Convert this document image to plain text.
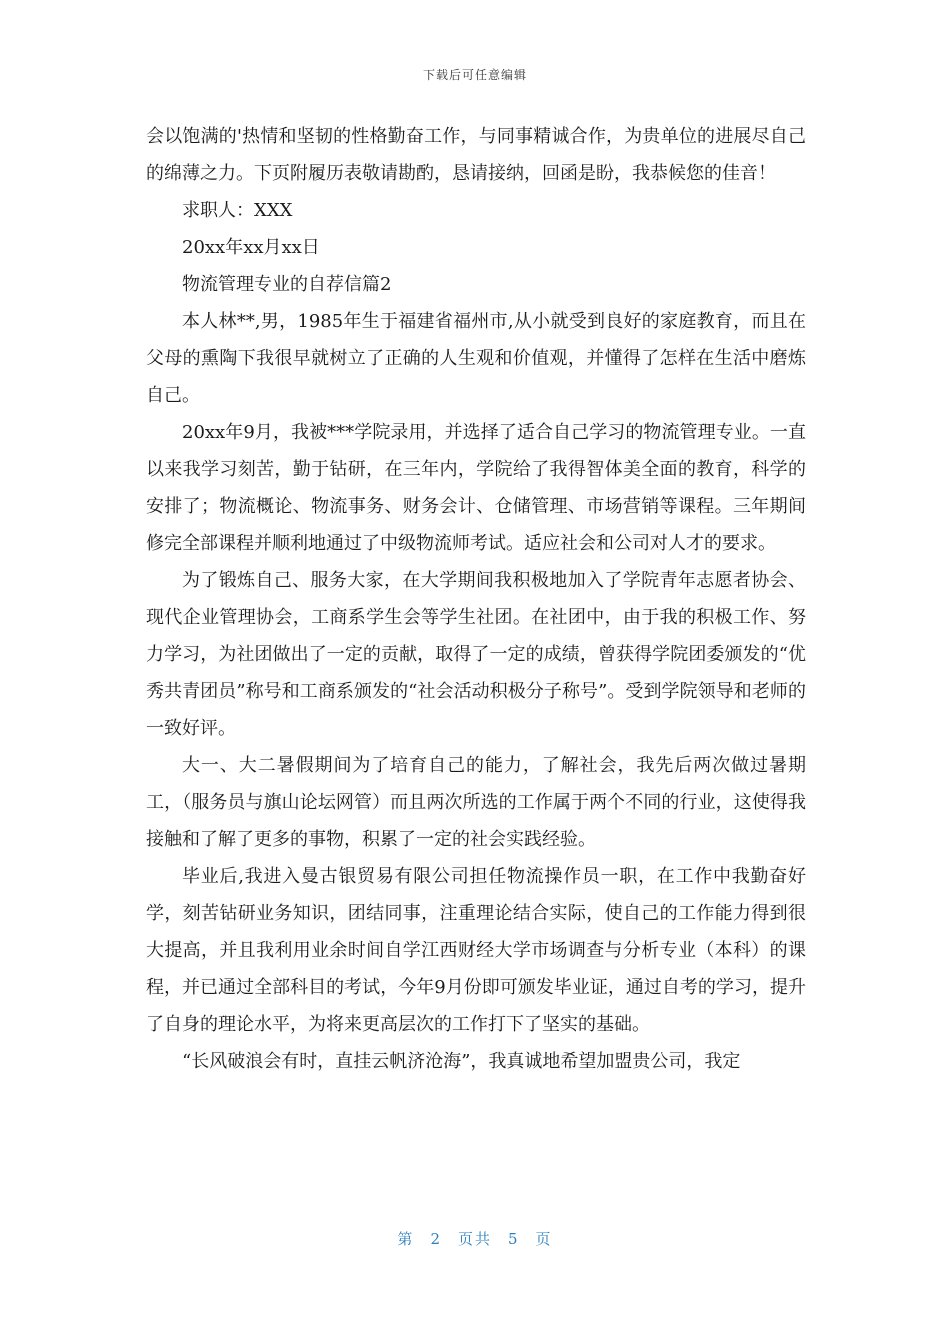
下载后可任意编辑

会以饱满的'热情和坚韧的性格勤奋工作，与同事精诚合作，为贵单位的进展尽自己的绵薄之力。下页附履历表敬请勘酌，恳请接纳，回函是盼，我恭候您的佳音！

求职人：XXX

20xx年xx月xx日

物流管理专业的自荐信篇2

本人林**,男，1985年生于福建省福州市,从小就受到良好的家庭教育，而且在父母的熏陶下我很早就树立了正确的人生观和价值观，并懂得了怎样在生活中磨炼自己。

20xx年9月，我被***学院录用，并选择了适合自己学习的物流管理专业。一直以来我学习刻苦，勤于钻研，在三年内，学院给了我得智体美全面的教育，科学的安排了；物流概论、物流事务、财务会计、仓储管理、市场营销等课程。三年期间修完全部课程并顺利地通过了中级物流师考试。适应社会和公司对人才的要求。

为了锻炼自己、服务大家，在大学期间我积极地加入了学院青年志愿者协会、现代企业管理协会，工商系学生会等学生社团。在社团中，由于我的积极工作、努力学习，为社团做出了一定的贡献，取得了一定的成绩，曾获得学院团委颁发的“优秀共青团员”称号和工商系颁发的“社会活动积极分子称号”。受到学院领导和老师的一致好评。

大一、大二暑假期间为了培育自己的能力，了解社会，我先后两次做过暑期工，（服务员与旗山论坛网管）而且两次所选的工作属于两个不同的行业，这使得我接触和了解了更多的事物，积累了一定的社会实践经验。

毕业后,我进入曼古银贸易有限公司担任物流操作员一职，在工作中我勤奋好学，刻苦钻研业务知识，团结同事，注重理论结合实际，使自己的工作能力得到很大提高，并且我利用业余时间自学江西财经大学市场调查与分析专业（本科）的课程，并已通过全部科目的考试，今年9月份即可颁发毕业证，通过自考的学习，提升了自身的理论水平，为将来更高层次的工作打下了坚实的基础。

“长风破浪会有时，直挂云帆济沧海”，我真诚地希望加盟贵公司，我定

第 2 页共 5 页
